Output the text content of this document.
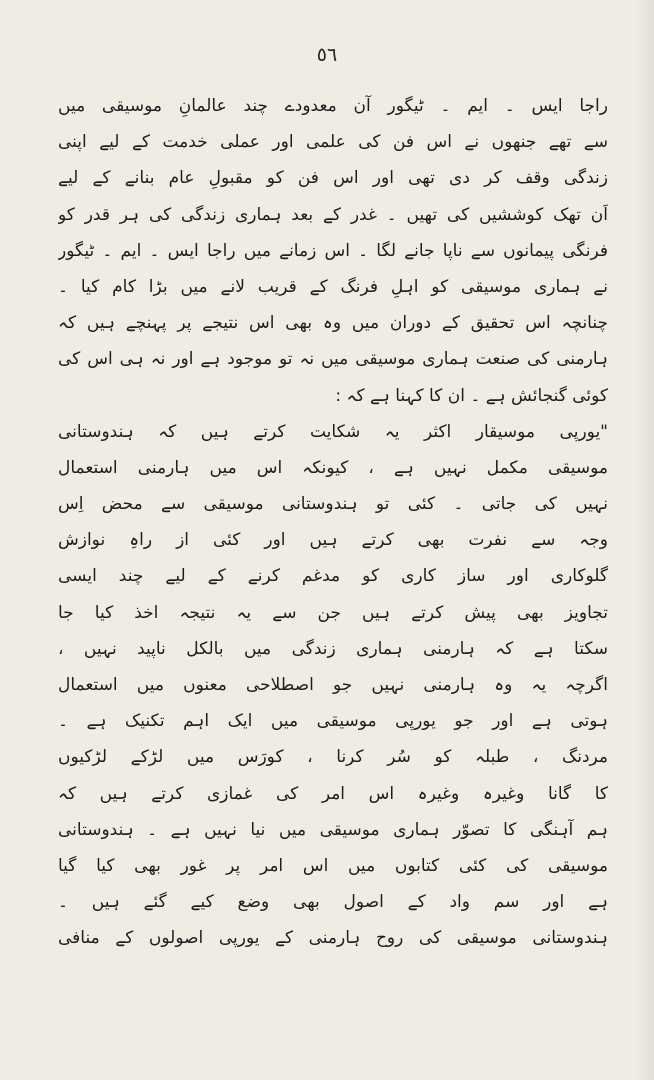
٥٦
راجا ایس ۔ ایم ۔ ٹیگور آن معدودے چند عالمانِ موسیقی میں
سے تھے جنھوں نے اس فن کی علمی اور عملی خدمت کے لیے اپنی
زندگی وقف کر دی تھی اور اس فن کو مقبولِ عام بنانے کے لیے
اَن تھک کوششیں کی تھیں ۔ غدر کے بعد ہماری زندگی کی ہر قدر کو
فرنگی پیمانوں سے ناپا جانے لگا ۔ اس زمانے میں راجا ایس ۔ ایم ۔ ٹیگور
نے ہماری موسیقی کو اہلِ فرنگ کے قریب لانے میں بڑا کام کیا ۔
چنانچہ اس تحقیق کے دوران میں وہ بھی اس نتیجے پر پہنچے ہیں کہ
ہارمنی کی صنعت ہماری موسیقی میں نہ تو موجود ہے اور نہ ہی اس کی
کوئی گنجائش ہے ۔ ان کا کہنا ہے کہ :
"یورپی موسیقار اکثر یہ شکایت کرتے ہیں کہ ہندوستانی
موسیقی مکمل نہیں ہے ، کیونکہ اس میں ہارمنی استعمال
نہیں کی جاتی ۔ کئی تو ہندوستانی موسیقی سے محض اِس
وجہ سے نفرت بھی کرتے ہیں اور کئی از راہِ نوازش
گلوکاری اور ساز کاری کو مدغم کرنے کے لیے چند ایسی
تجاویز بھی پیش کرتے ہیں جن سے یہ نتیجہ اخذ کیا جا
سکتا ہے کہ ہارمنی ہماری زندگی میں بالکل ناپید نہیں ،
اگرچہ یہ وہ ہارمنی نہیں جو اصطلاحی معنوں میں استعمال
ہوتی ہے اور جو یورپی موسیقی میں ایک اہم تکنیک ہے ۔
مردنگ ، طبلہ کو سُر کرنا ، کورَس میں لڑکے لڑکیوں
کا گانا وغیرہ وغیرہ اس امر کی غمازی کرتے ہیں کہ
ہم آہنگی کا تصوّر ہماری موسیقی میں نیا نہیں ہے ۔ ہندوستانی
موسیقی کی کئی کتابوں میں اس امر پر غور بھی کیا گیا
ہے اور سم واد کے اصول بھی وضع کیے گئے ہیں ۔
ہندوستانی موسیقی کی روح ہارمنی کے یورپی اصولوں کے منافی
